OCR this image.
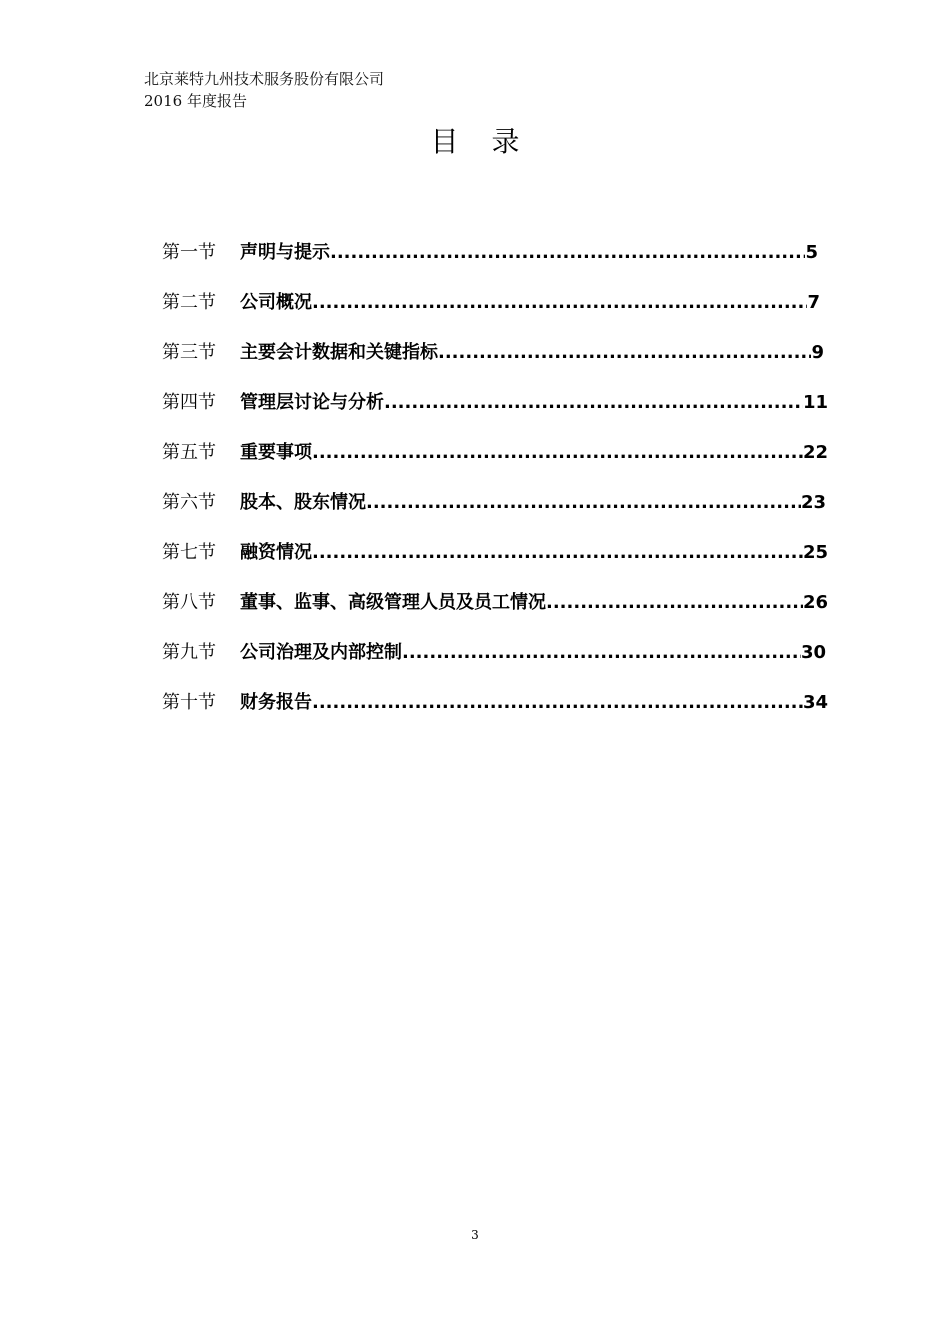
北京莱特九州技术服务股份有限公司
2016 年度报告
目 录
第一节	声明与提示 .....	5
第二节	公司概况 .....	7
第三节	主要会计数据和关键指标 .....	9
第四节	管理层讨论与分析 .....	11
第五节	重要事项 .....	22
第六节	股本、股东情况 .....	23
第七节	融资情况 .....	25
第八节	董事、监事、高级管理人员及员工情况 .....	26
第九节	公司治理及内部控制 .....	30
第十节	财务报告 .....	34
3
